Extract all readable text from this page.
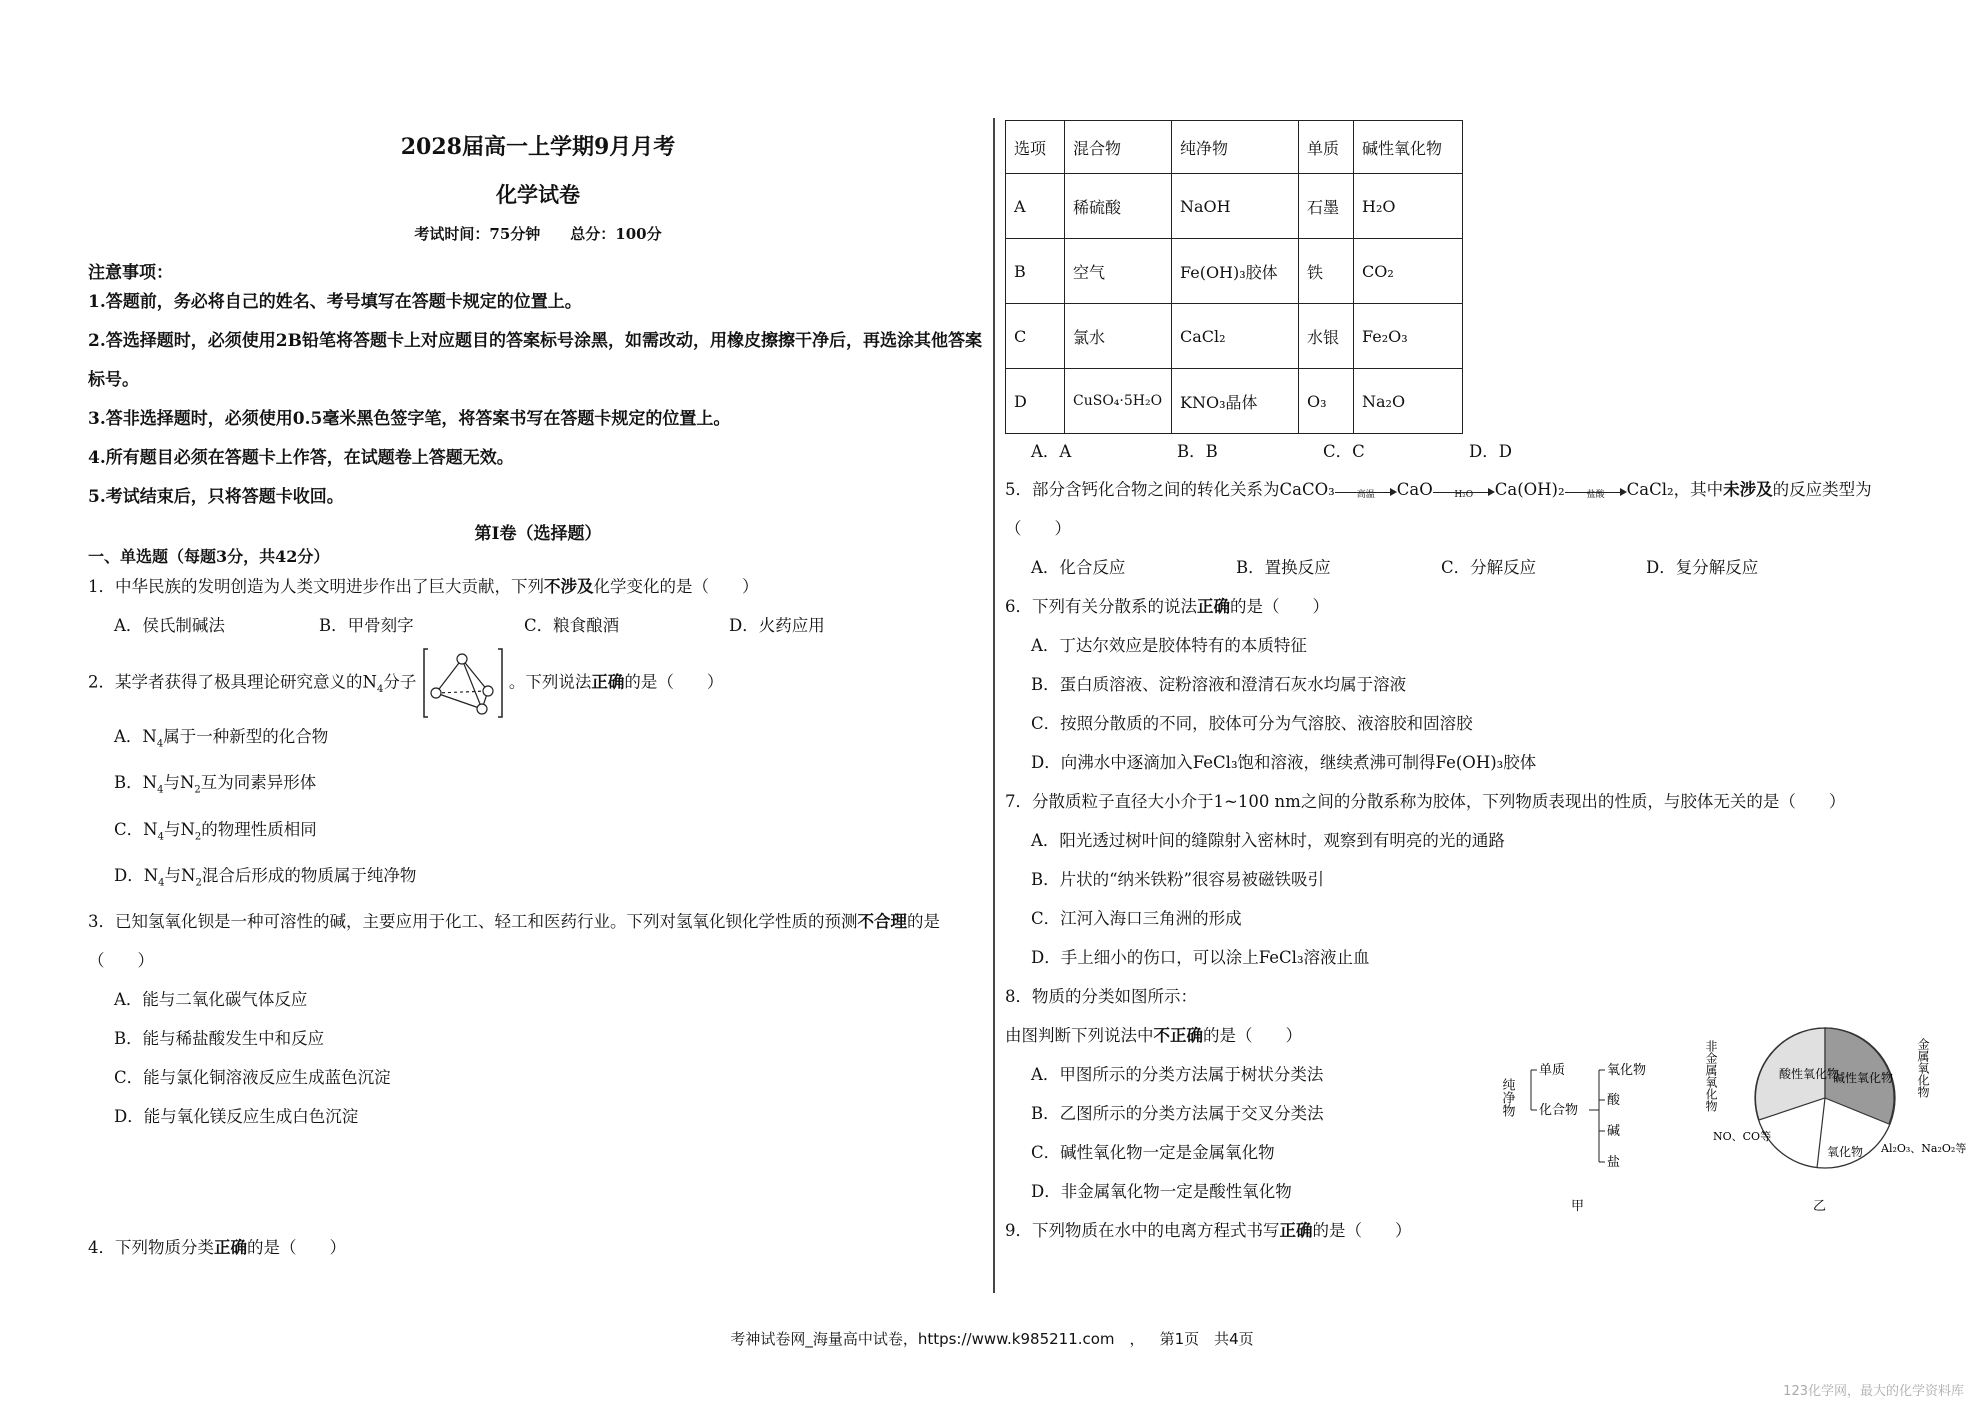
2028届高一上学期9月月考
化学试卷
考试时间：75分钟   总分：100分
注意事项：
1.答题前，务必将自己的姓名、考号填写在答题卡规定的位置上。
2.答选择题时，必须使用2B铅笔将答题卡上对应题目的答案标号涂黑，如需改动，用橡皮擦擦干净后，再选涂其他答案标号。
3.答非选择题时，必须使用0.5毫米黑色签字笔，将答案书写在答题卡规定的位置上。
4.所有题目必须在答题卡上作答，在试题卷上答题无效。
5.考试结束后，只将答题卡收回。
第I卷（选择题）
一、单选题（每题3分，共42分）
1．中华民族的发明创造为人类文明进步作出了巨大贡献，下列不涉及化学变化的是（　　）
A．侯氏制碱法	B．甲骨刻字	C．粮食酿酒	D．火药应用
2．某学者获得了极具理论研究意义的$N_4$分子	。下列说法正确的是（　　）
A．$N_4$属于一种新型的化合物
B．$N_4$与$N_2$互为同素异形体
C．$N_4$与$N_2$的物理性质相同
D．$N_4$与$N_2$混合后形成的物质属于纯净物
3．已知氢氧化钡是一种可溶性的碱，主要应用于化工、轻工和医药行业。下列对氢氧化钡化学性质的预测不合理的是（　　）
A．能与二氧化碳气体反应
B．能与稀盐酸发生中和反应
C．能与氯化铜溶液反应生成蓝色沉淀
D．能与氧化镁反应生成白色沉淀
4．下列物质分类正确的是（　　）
选项	混合物	纯净物	单质	碱性氧化物
A	稀硫酸	NaOH	石墨	H₂O
B	空气	Fe(OH)₃胶体	铁	CO₂
C	氯水	CaCl₂	水银	Fe₂O₃
D	CuSO₄·5H₂O	KNO₃晶体	O₃	Na₂O
A．A	B．B	C．C	D．D
5．部分含钙化合物之间的转化关系为CaCO₃	高温	CaO	H₂O	Ca(OH)₂	盐酸	CaCl₂，其中未涉及的反应类型为
（　　）
A．化合反应	B．置换反应	C．分解反应	D．复分解反应
6．下列有关分散系的说法正确的是（　　）
A．丁达尔效应是胶体特有的本质特征
B．蛋白质溶液、淀粉溶液和澄清石灰水均属于溶液
C．按照分散质的不同，胶体可分为气溶胶、液溶胶和固溶胶
D．向沸水中逐滴加入FeCl₃饱和溶液，继续煮沸可制得Fe(OH)₃胶体
7．分散质粒子直径大小介于1~100 nm之间的分散系称为胶体，下列物质表现出的性质，与胶体无关的是（　　）
A．阳光透过树叶间的缝隙射入密林时，观察到有明亮的光的通路
B．片状的“纳米铁粉”很容易被磁铁吸引
C．江河入海口三角洲的形成
D．手上细小的伤口，可以涂上FeCl₃溶液止血
8．物质的分类如图所示：
由图判断下列说法中不正确的是（　　）
A．甲图所示的分类方法属于树状分类法
B．乙图所示的分类方法属于交叉分类法
C．碱性氧化物一定是金属氧化物
D．非金属氧化物一定是酸性氧化物
9．下列物质在水中的电离方程式书写正确的是（　　）
纯净物
单质
化合物
氧化物
酸
碱
盐
甲
非金属氧化物	金属氧化物
酸性氧化物
碱性氧化物
氧化物
NO、CO等
Al₂O₃、Na₂O₂等
乙
考神试卷网_海量高中试卷，https://www.k985211.com ， 第1页　共4页
123化学网，最大的化学资料库
